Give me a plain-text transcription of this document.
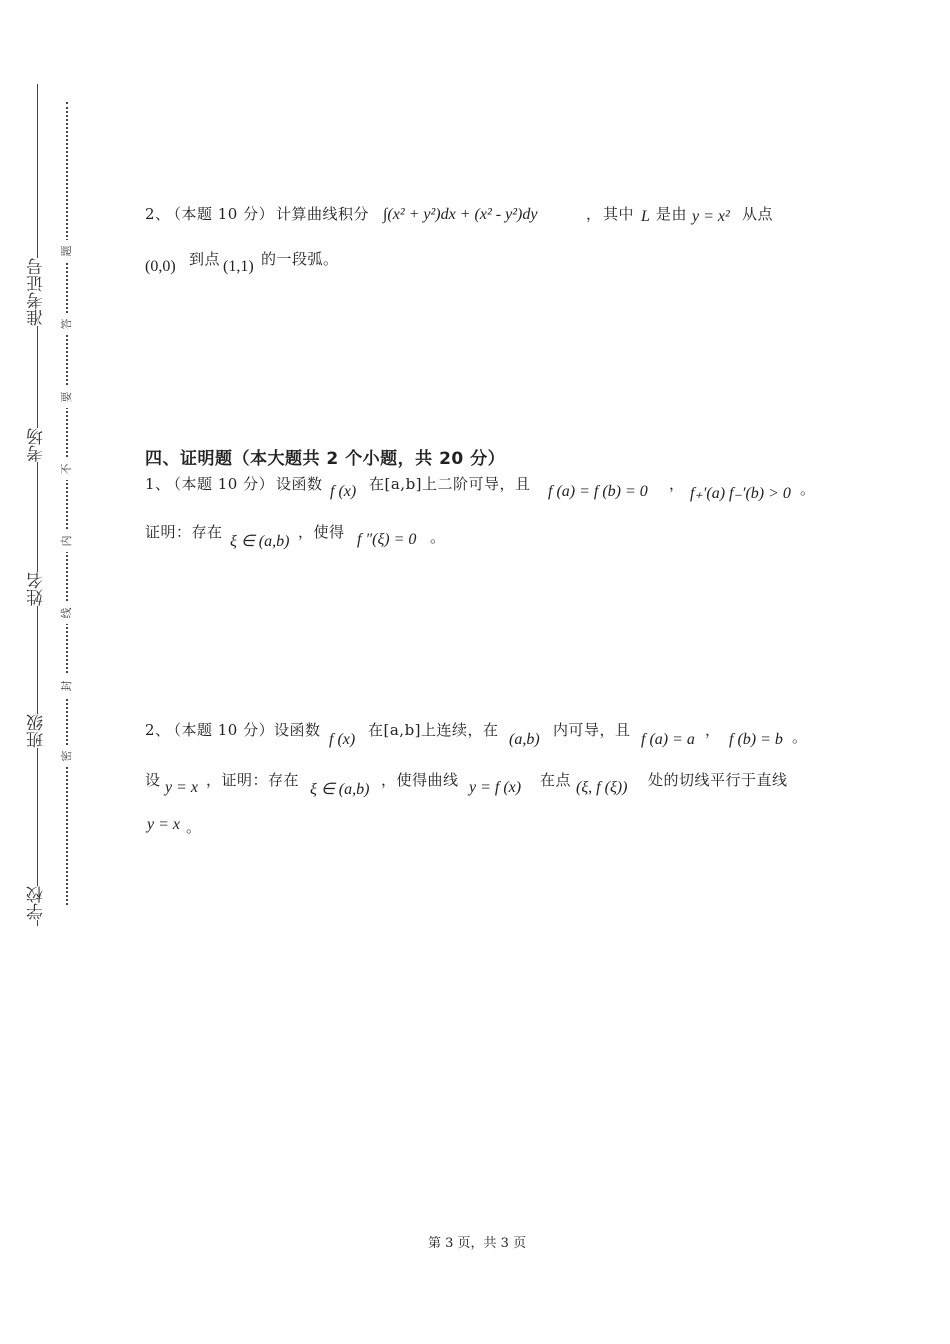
准考证号
考场
姓名
班级
学校
题
答
要
不
内
线
封
密
2、
（本题 10 分） 计算曲线积分 ∫(x² + y²)dx + (x² - y²)dy	， 其中 L 是由 y = x² 从点
(0,0) 到点 (1,1) 的一段弧。
四、证明题（本大题共 2 个小题，共 20 分）
1、
（本题 10 分） 设函数 f (x) 在[a,b]上二阶可导，且 f (a) = f (b) = 0 ，
f₊′(a) f₋′(b) > 0 。
证明：存在
ξ ∈ (a,b)
，使得 f ″(ξ) = 0 。
2、
（本题 10 分） 设函数
f (x)
在[a,b]上连续，在
(a,b)
内可导，且
f (a) = a
，
f (b) = b 。
设 y = x ，证明：存在
ξ ∈ (a,b)
，使得曲线 y = f (x) 在点 (ξ, f (ξ)) 处的切线平行于直线
y = x 。
第 3 页，共 3 页
